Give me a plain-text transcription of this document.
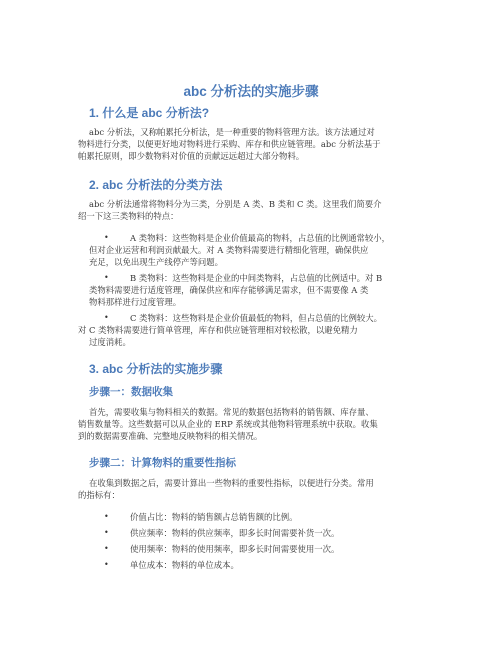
abc 分析法的实施步骤
1. 什么是 abc 分析法?
abc 分析法，又称帕累托分析法，是一种重要的物料管理方法。该方法通过对
物料进行分类，以便更好地对物料进行采购、库存和供应链管理。abc 分析法基于
帕累托原则，即少数物料对价值的贡献远远超过大部分物料。
2. abc 分析法的分类方法
abc 分析法通常将物料分为三类，分别是 A 类、B 类和 C 类。这里我们简要介
绍一下这三类物料的特点：
•	A 类物料：这些物料是企业价值最高的物料，占总值的比例通常较小，
但对企业运营和利润贡献最大。对 A 类物料需要进行精细化管理，确保供应
充足，以免出现生产线停产等问题。
•	B 类物料：这些物料是企业的中间类物料，占总值的比例适中。对 B
类物料需要进行适度管理，确保供应和库存能够满足需求，但不需要像 A 类
物料那样进行过度管理。
•	C 类物料：这些物料是企业价值最低的物料，但占总值的比例较大。
对 C 类物料需要进行简单管理，库存和供应链管理相对较松散，以避免精力
过度消耗。
3. abc 分析法的实施步骤
步骤一：数据收集
首先，需要收集与物料相关的数据。常见的数据包括物料的销售额、库存量、
销售数量等。这些数据可以从企业的 ERP 系统或其他物料管理系统中获取。收集
到的数据需要准确、完整地反映物料的相关情况。
步骤二：计算物料的重要性指标
在收集到数据之后，需要计算出一些物料的重要性指标，以便进行分类。常用
的指标有：
•	价值占比：物料的销售额占总销售额的比例。
•	供应频率：物料的供应频率，即多长时间需要补货一次。
•	使用频率：物料的使用频率，即多长时间需要使用一次。
•	单位成本：物料的单位成本。
